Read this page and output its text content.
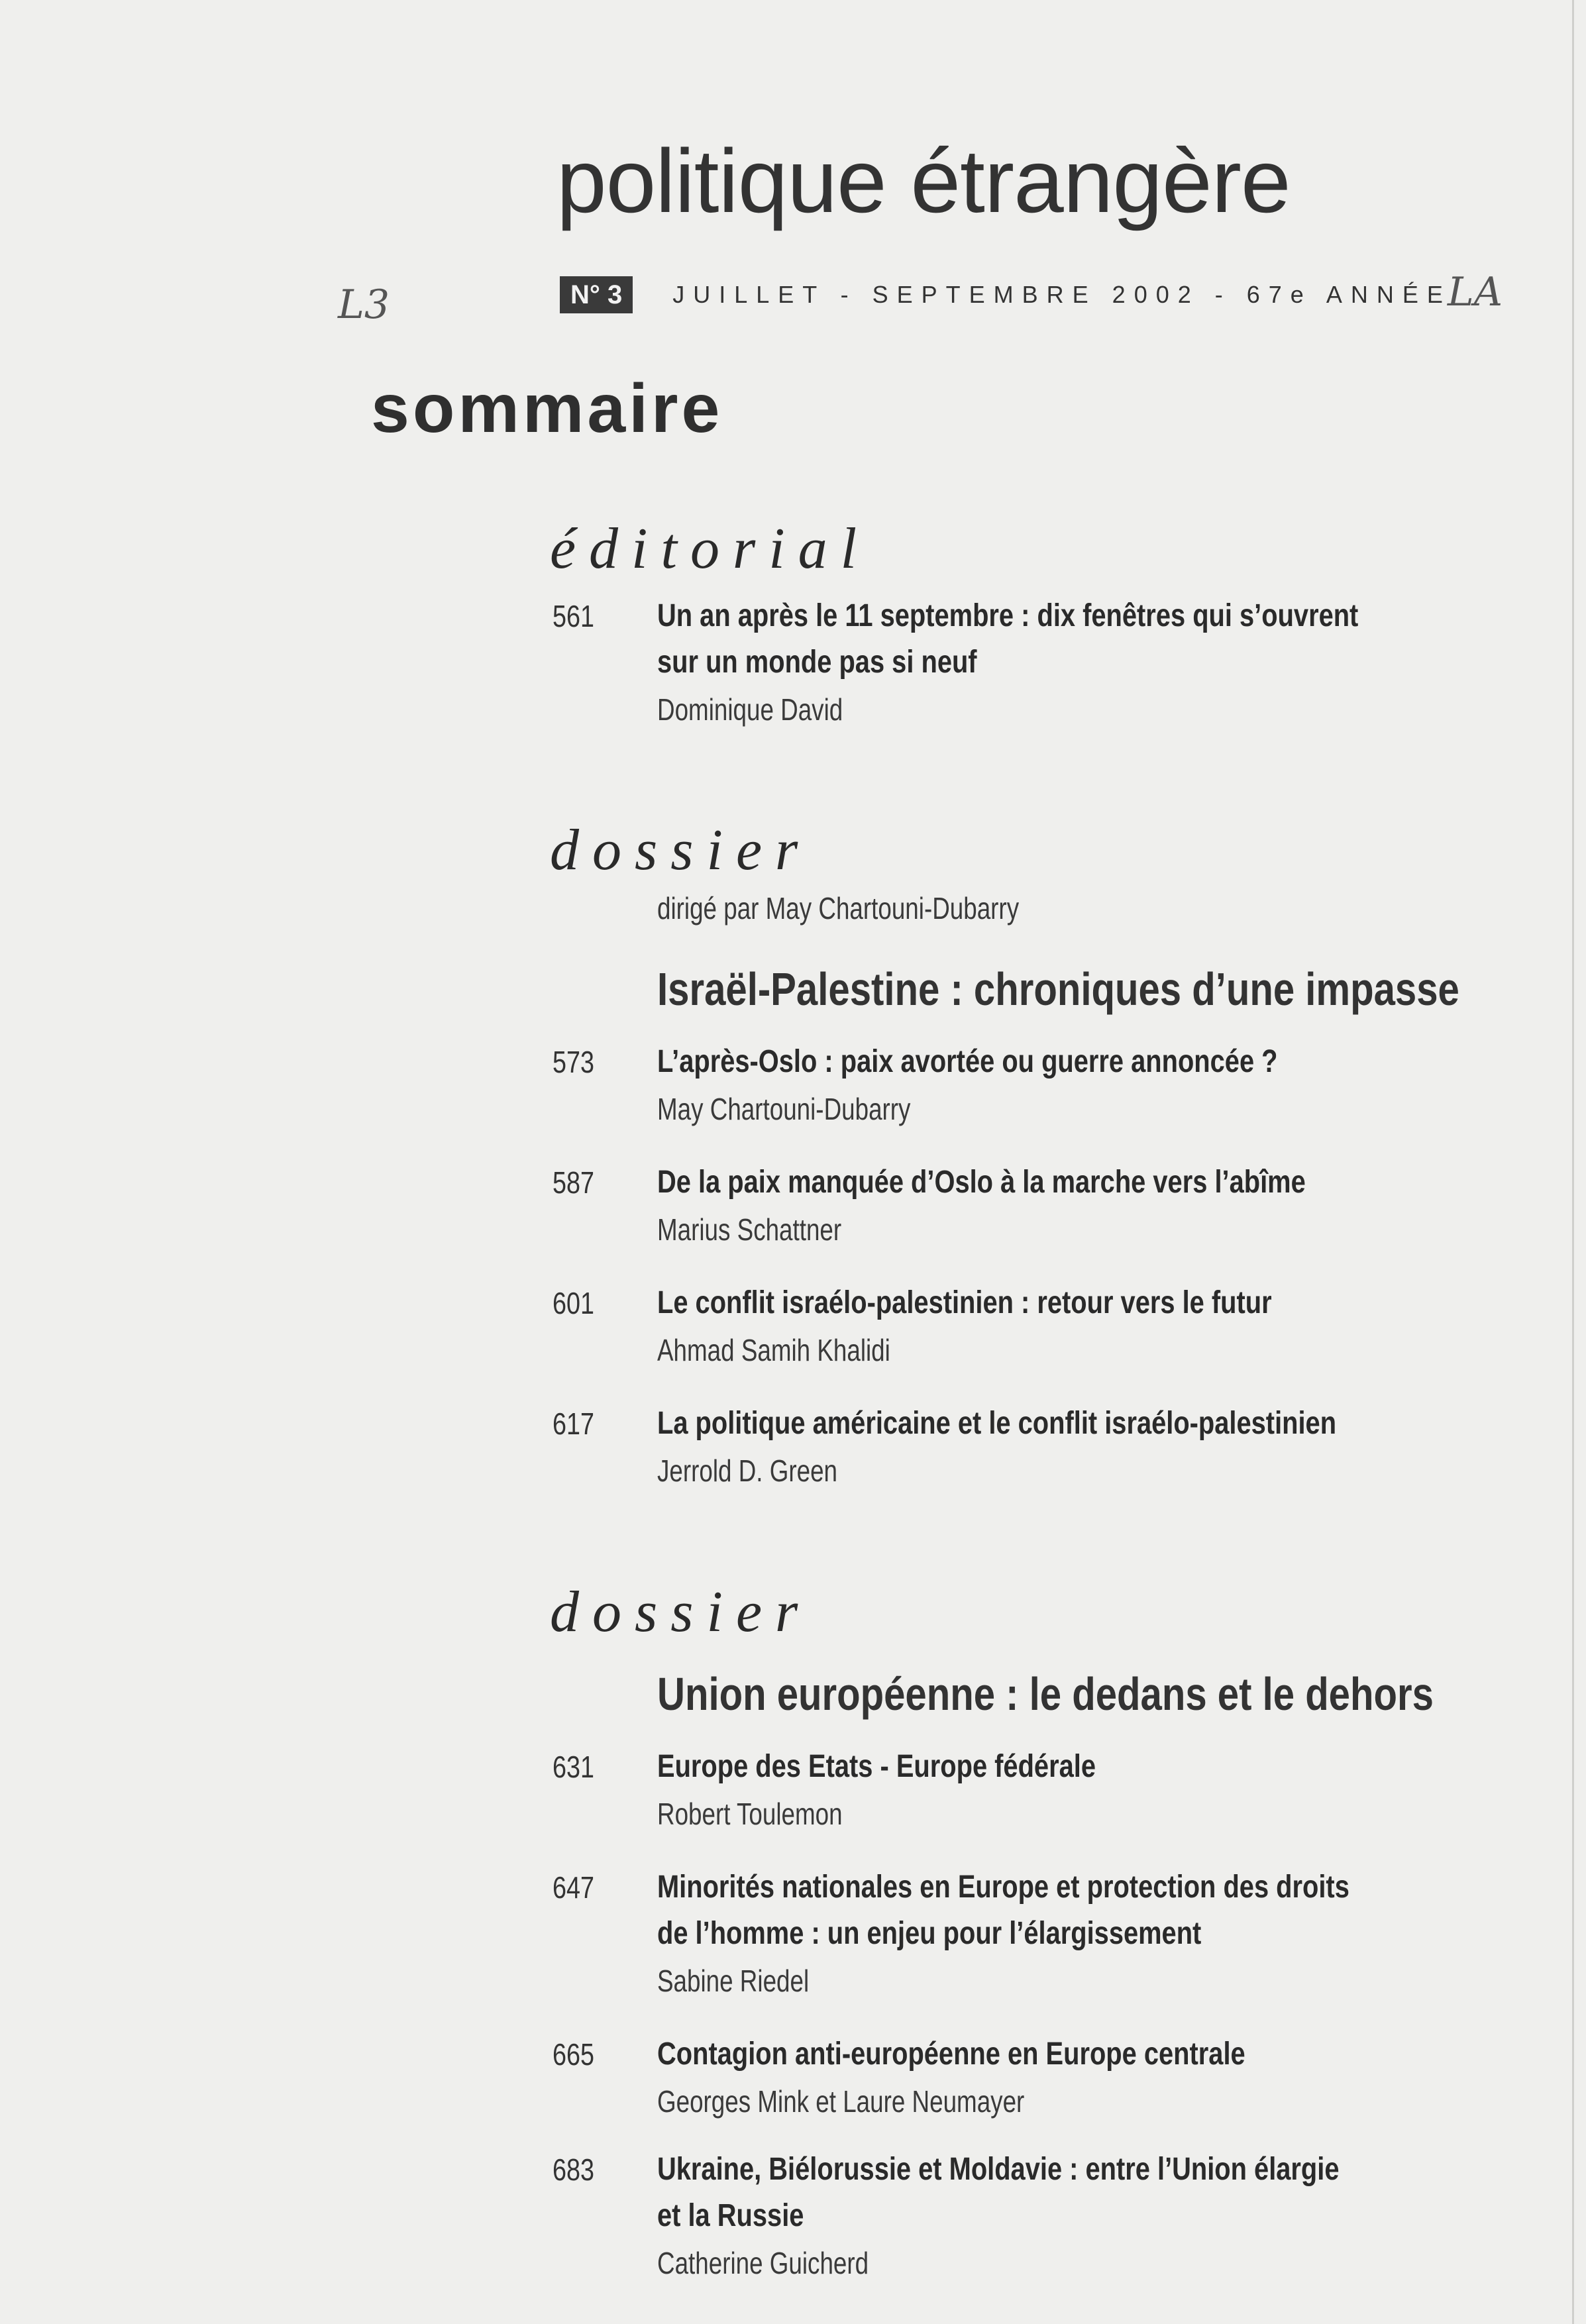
politique étrangère
L3	N° 3	JUILLET - SEPTEMBRE 2002 - 67e ANNÉE
LA
sommaire
éditorial
561 Un an après le 11 septembre : dix fenêtres qui s’ouvrent
sur un monde pas si neuf

Dominique David

dossier
dirigé par May Chartouni-Dubarry
Israël-Palestine : chroniques d’une impasse
573 L’après-Oslo : paix avortée ou guerre annoncée ?

May Chartouni-Dubarry

587 De la paix manquée d’Oslo à la marche vers l’abîme

Marius Schattner

601 Le conflit israélo-palestinien : retour vers le futur

Ahmad Samih Khalidi

617 La politique américaine et le conflit israélo-palestinien

Jerrold D. Green

dossier
Union européenne : le dedans et le dehors
631 Europe des Etats - Europe fédérale

Robert Toulemon

647 Minorités nationales en Europe et protection des droits
de l’homme : un enjeu pour l’élargissement

Sabine Riedel

665 Contagion anti-européenne en Europe centrale

Georges Mink et Laure Neumayer

683 Ukraine, Biélorussie et Moldavie : entre l’Union élargie
et la Russie

Catherine Guicherd
